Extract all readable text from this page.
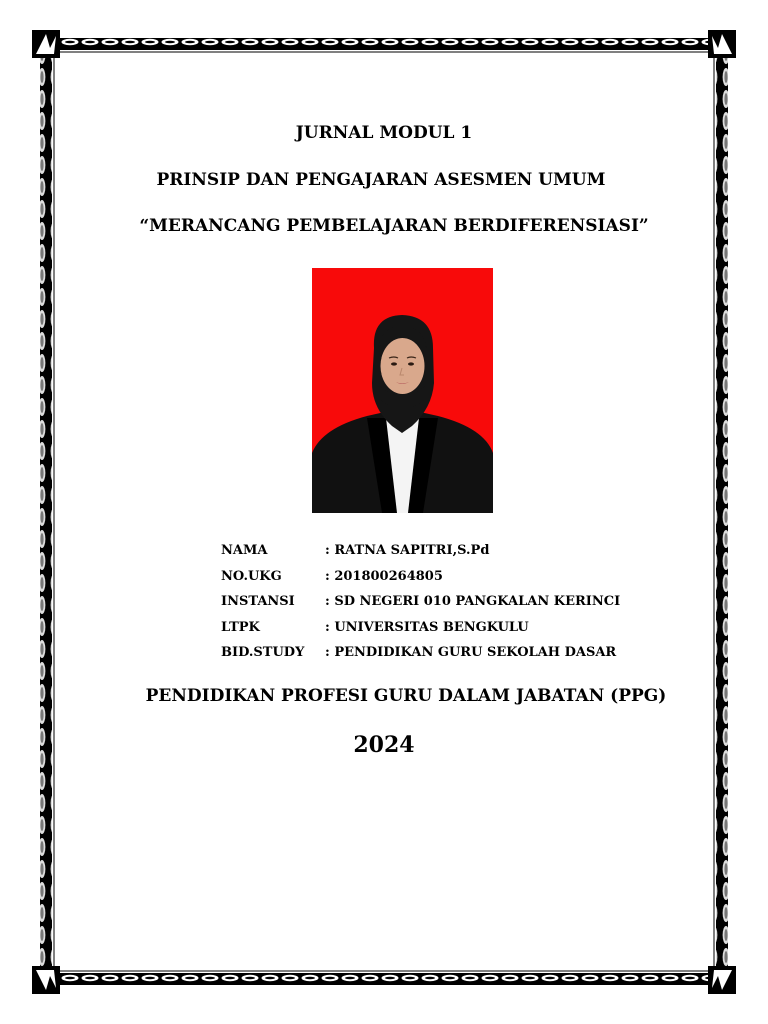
JURNAL MODUL 1
PRINSIP DAN PENGAJARAN ASESMEN UMUM
“MERANCANG PEMBELAJARAN BERDIFERENSIASI”
NAMA	: RATNA SAPITRI,S.Pd
NO.UKG	: 201800264805
INSTANSI	: SD NEGERI 010 PANGKALAN KERINCI
LTPK	: UNIVERSITAS BENGKULU
BID.STUDY	: PENDIDIKAN GURU SEKOLAH DASAR
PENDIDIKAN PROFESI GURU DALAM JABATAN (PPG)
2024
